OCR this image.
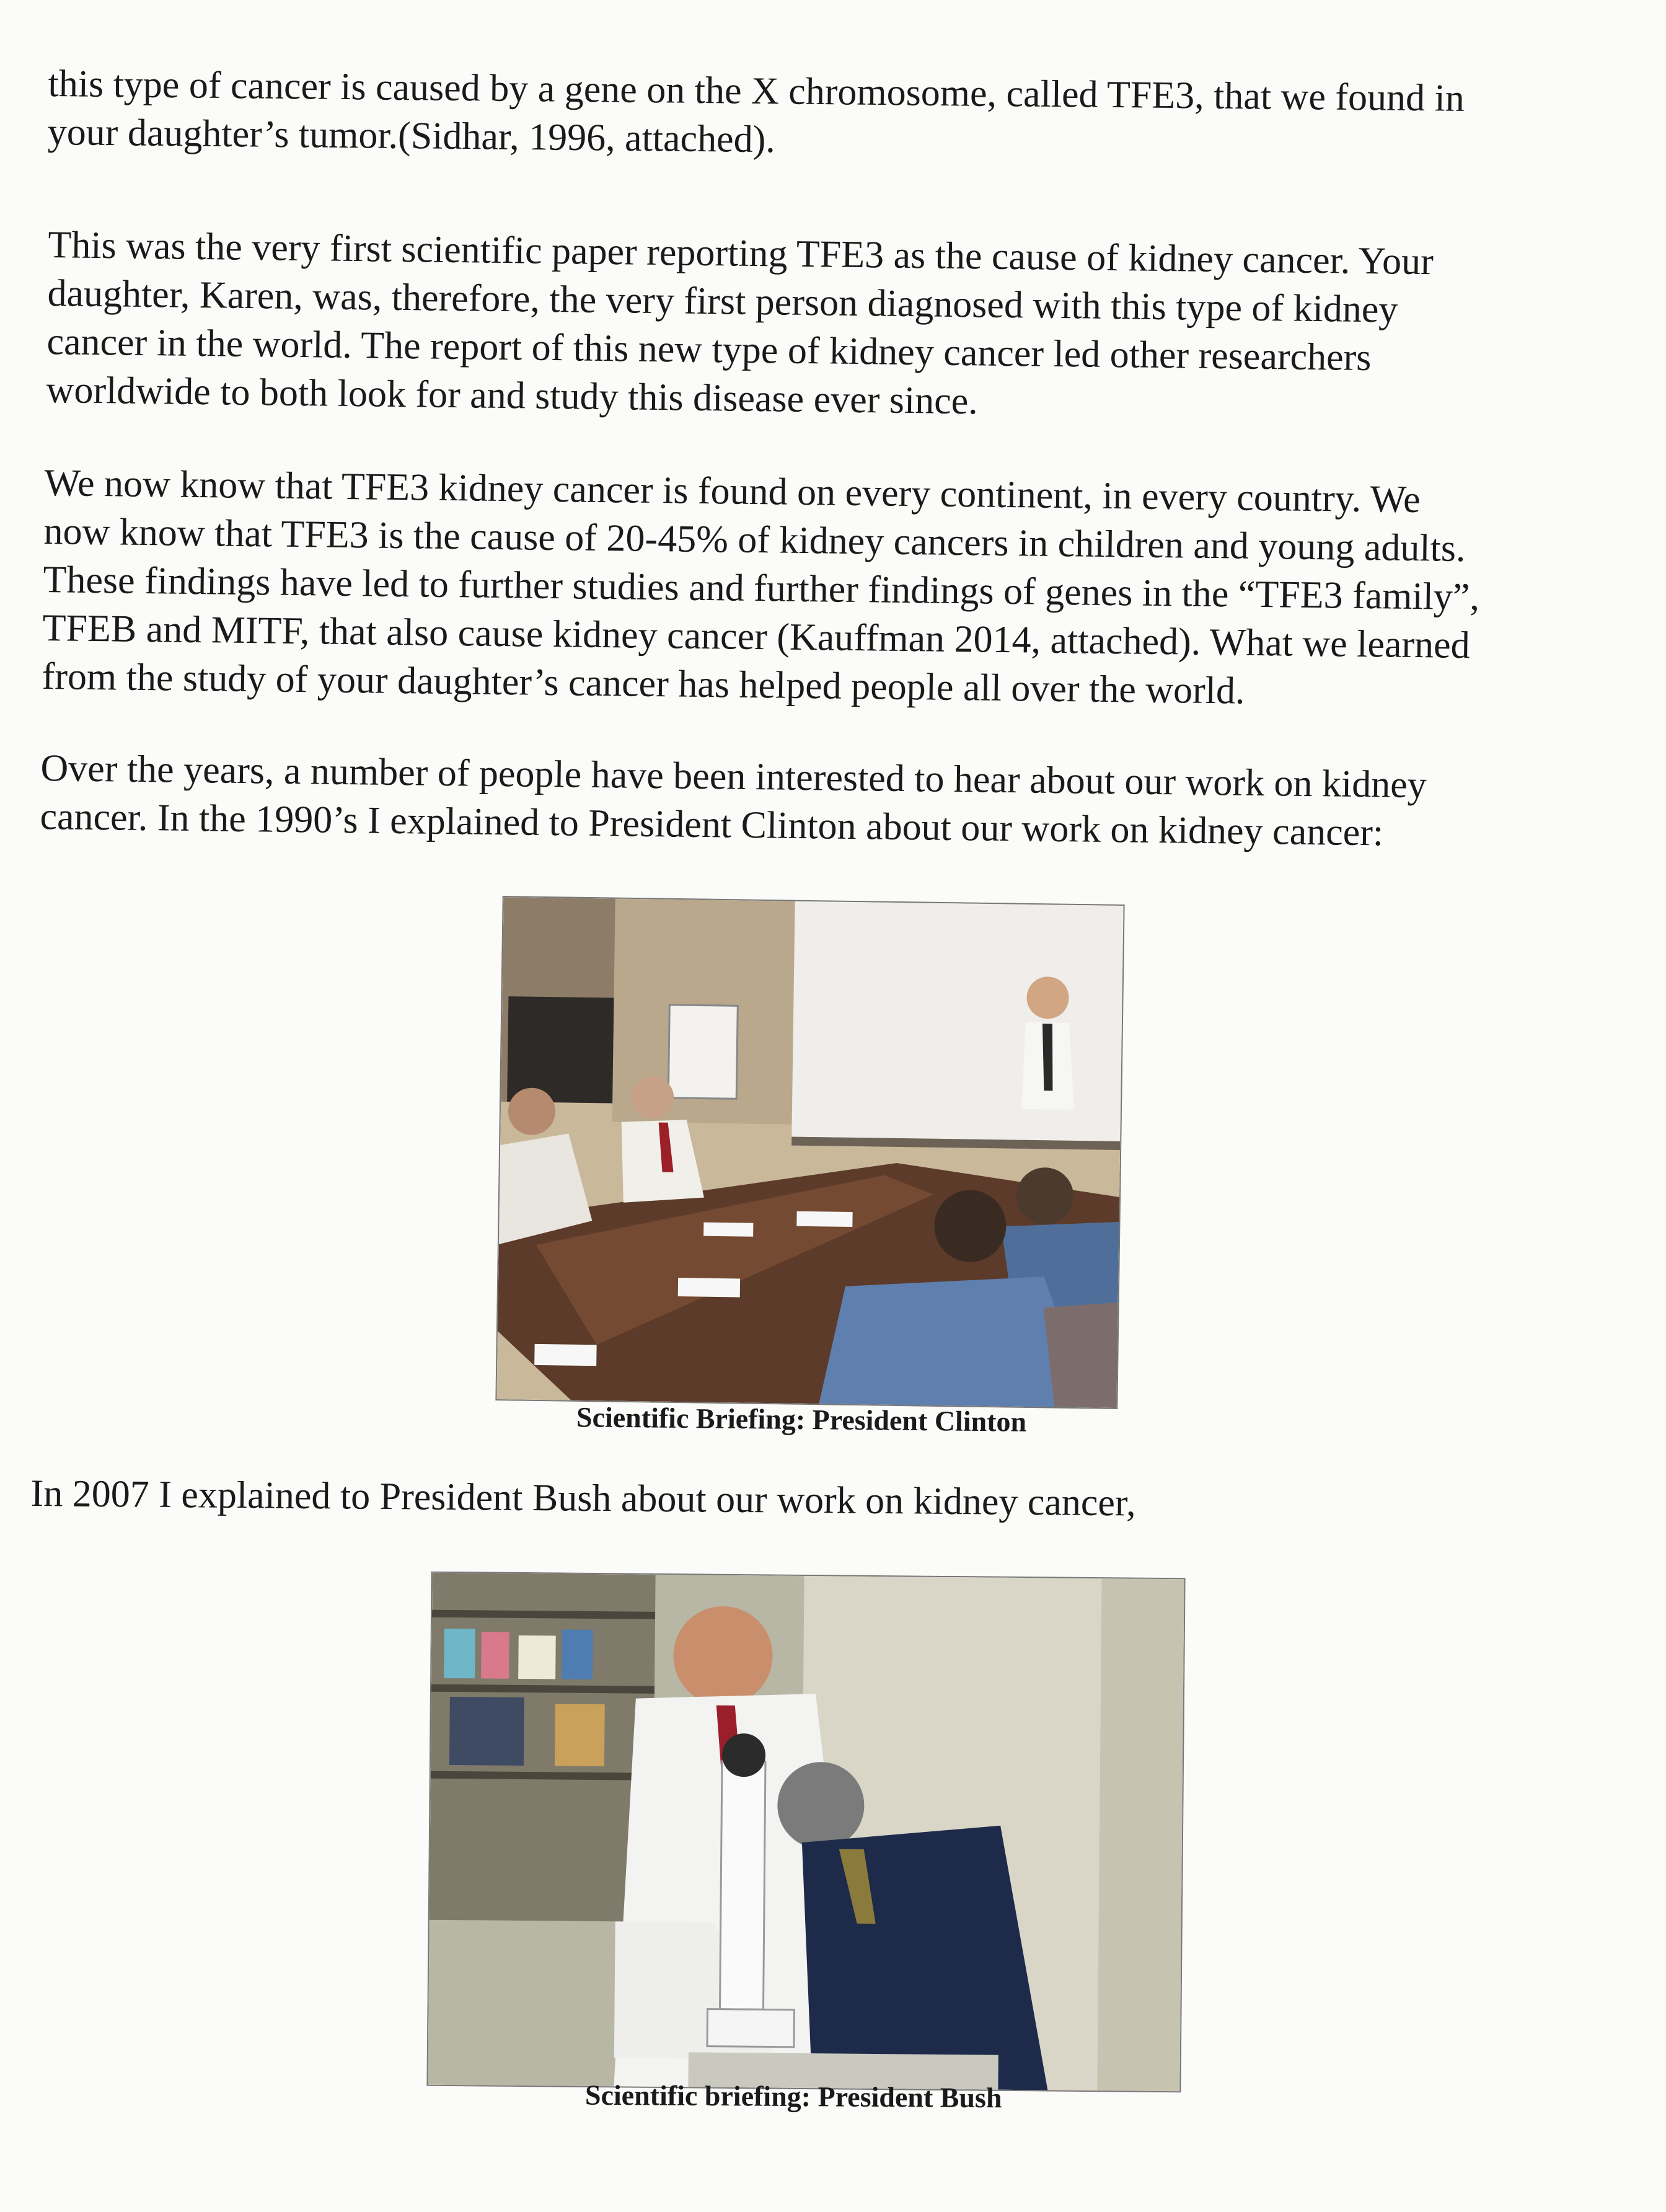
this type of cancer is caused by a gene on the X chromosome, called TFE3, that we found in
your daughter’s tumor.(Sidhar, 1996, attached).
This was the very first scientific paper reporting TFE3 as the cause of kidney cancer. Your
daughter, Karen, was, therefore, the very first person diagnosed with this type of kidney
cancer in the world. The report of this new type of kidney cancer led other researchers
worldwide to both look for and study this disease ever since.
We now know that TFE3 kidney cancer is found on every continent, in every country. We
now know that TFE3 is the cause of 20-45% of kidney cancers in children and young adults.
These findings have led to further studies and further findings of genes in the “TFE3 family”,
TFEB and MITF, that also cause kidney cancer (Kauffman 2014, attached). What we learned
from the study of your daughter’s cancer has helped people all over the world.
Over the years, a number of people have been interested to hear about our work on kidney
cancer. In the 1990’s I explained to President Clinton about our work on kidney cancer:
Scientific Briefing: President Clinton
In 2007 I explained to President Bush about our work on kidney cancer,
Scientific briefing: President Bush
